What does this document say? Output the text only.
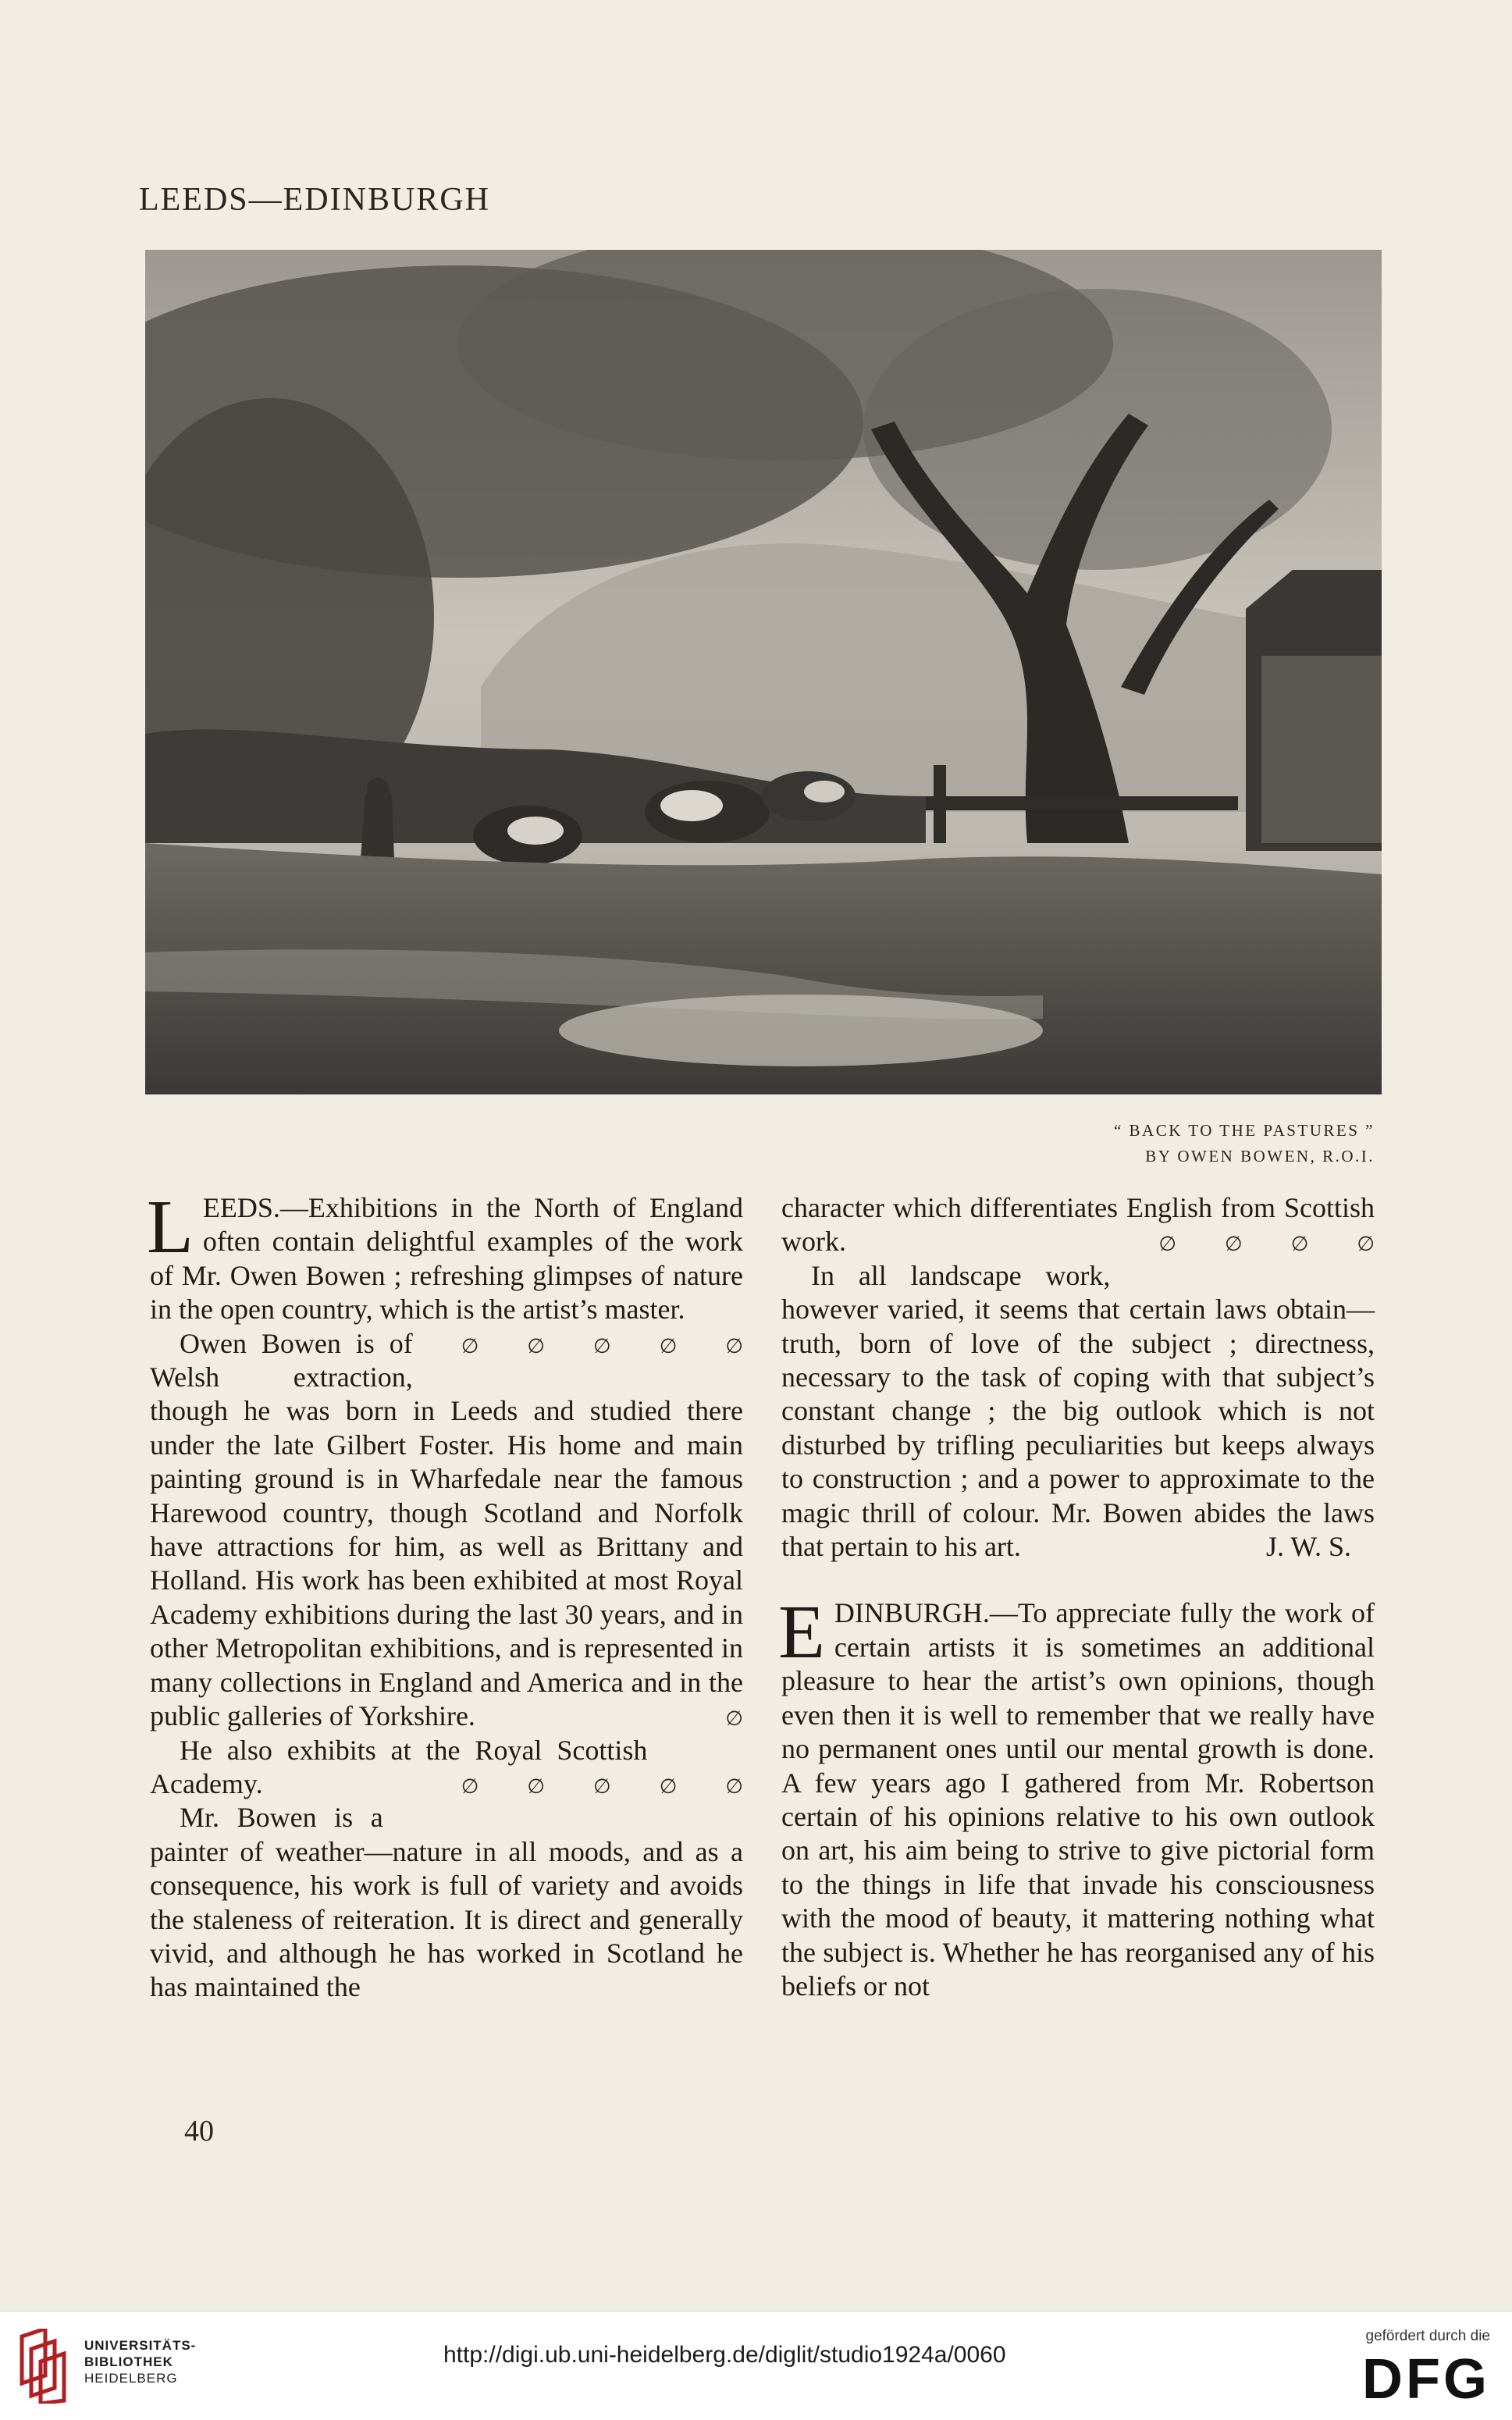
LEEDS—EDINBURGH
“ BACK TO THE PASTURES ”
BY OWEN BOWEN, R.O.I.

LEEDS.—Exhibitions in the North of England often contain delightful examples of the work of Mr. Owen Bowen ; refreshing glimpses of nature in the open country, which is the artist’s master.
∅ ∅ ∅ ∅ ∅

Owen Bowen is of Welsh extraction, though he was born in Leeds and studied there under the late Gilbert Foster. His home and main painting ground is in Wharfedale near the famous Harewood country, though Scotland and Norfolk have attractions for him, as well as Brittany and Holland. His work has been exhibited at most Royal Academy exhibitions during the last 30 years, and in other Metropolitan exhibitions, and is represented in many collections in England and America and in the public galleries of Yorkshire.	∅

He also exhibits at the Royal Scottish Academy.	∅ ∅ ∅ ∅ ∅

Mr. Bowen is a painter of weather—nature in all moods, and as a consequence, his work is full of variety and avoids the staleness of reiteration. It is direct and generally vivid, and although he has worked in Scotland he has maintained the

character which differentiates English from Scottish work.	∅ ∅ ∅ ∅

In all landscape work, however varied, it seems that certain laws obtain—truth, born of love of the subject ; directness, necessary to the task of coping with that subject’s constant change ; the big outlook which is not disturbed by trifling peculiarities but keeps always to construction ; and a power to approximate to the magic thrill of colour. Mr. Bowen abides the laws that pertain to his art.	J. W. S.

EDINBURGH.—To appreciate fully the work of certain artists it is sometimes an additional pleasure to hear the artist’s own opinions, though even then it is well to remember that we really have no permanent ones until our mental growth is done. A few years ago I gathered from Mr. Robertson certain of his opinions relative to his own outlook on art, his aim being to strive to give pictorial form to the things in life that invade his consciousness with the mood of beauty, it mattering nothing what the subject is. Whether he has reorganised any of his beliefs or not

40
UNIVERSITÄTS-
BIBLIOTHEK
HEIDELBERG
http://digi.ub.uni-heidelberg.de/diglit/studio1924a/0060
gefördert durch die
DFG
